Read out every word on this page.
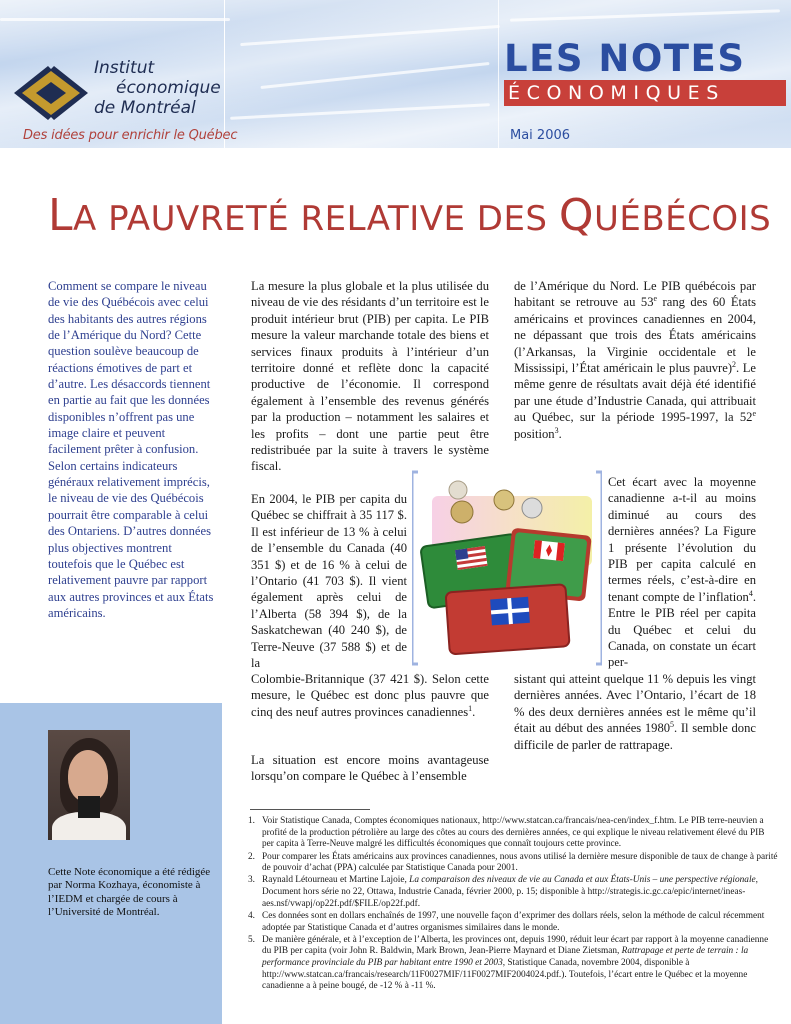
Institut
économique
de Montréal
Des idées pour enrichir le Québec
LES NOTES
ÉCONOMIQUES
Mai 2006
LA PAUVRETÉ RELATIVE DES QUÉBÉCOIS
Comment se compare le niveau de vie des Québécois avec celui des habitants des autres régions de l’Amérique du Nord? Cette question soulève beaucoup de réactions émotives de part et d’autre. Les désaccords tiennent en partie au fait que les données disponibles n’offrent pas une image claire et peuvent facilement prêter à confusion. Selon certains indicateurs généraux relativement imprécis, le niveau de vie des Québécois pourrait être comparable à celui des Ontariens. D’autres données plus objectives montrent toutefois que le Québec est relativement pauvre par rapport aux autres provinces et aux États américains.
Cette Note économique a été rédigée par Norma Kozhaya, économiste à l’IEDM et chargée de cours à l’Université de Montréal.
La mesure la plus globale et la plus utilisée du niveau de vie des résidants d’un territoire est le produit intérieur brut (PIB) per capita. Le PIB mesure la valeur marchande totale des biens et services finaux produits à l’intérieur d’un territoire donné et reflète donc la capacité productive de l’économie. Il correspond également à l’ensemble des revenus générés par la production – notamment les salaires et les profits – dont une partie peut être redistribuée par la suite à travers le système fiscal.
En 2004, le PIB per capita du Québec se chiffrait à 35 117 $. Il est inférieur de 13 % à celui de l’ensemble du Canada (40 351 $) et de 16 % à celui de l’Ontario (41 703 $). Il vient également après celui de l’Alberta (58 394 $), de la Saskatchewan (40 240 $), de Terre-Neuve (37 588 $) et de la
Colombie-Britannique (37 421 $). Selon cette mesure, le Québec est donc plus pauvre que cinq des neuf autres provinces canadiennes$^1$.
La situation est encore moins avantageuse lorsqu’on compare le Québec à l’ensemble
de l’Amérique du Nord. Le PIB québécois par habitant se retrouve au 53e rang des 60 États américains et provinces canadiennes en 2004, ne dépassant que trois des États américains (l’Arkansas, la Virginie occidentale et le Mississipi, l’État américain le plus pauvre)$^2$. Le même genre de résultats avait déjà été identifié par une étude d’Industrie Canada, qui attribuait au Québec, sur la période 1995-1997, la 52e position$^3$.
Cet écart avec la moyenne canadienne a-t-il au moins diminué au cours des dernières années? La Figure 1 présente l’évolution du PIB per capita calculé en termes réels, c’est-à-dire en tenant compte de l’inflation$^4$. Entre le PIB réel per capita du Québec et celui du Canada, on constate un écart per-
sistant qui atteint quelque 11 % depuis les vingt dernières années. Avec l’Ontario, l’écart de 18 % des deux dernières années est le même qu’il était au début des années 1980$^5$. Il semble donc difficile de parler de rattrapage.
1. Voir Statistique Canada, Comptes économiques nationaux, http://www.statcan.ca/francais/nea-cen/index_f.htm. Le PIB terre-neuvien a profité de la production pétrolière au large des côtes au cours des dernières années, ce qui explique le niveau relativement élevé du PIB per capita à Terre-Neuve malgré les difficultés économiques que connaît toujours cette province.
2. Pour comparer les États américains aux provinces canadiennes, nous avons utilisé la dernière mesure disponible de taux de change à parité de pouvoir d’achat (PPA) calculée par Statistique Canada pour 2001.
3. Raynald Létourneau et Martine Lajoie, La comparaison des niveaux de vie au Canada et aux États-Unis – une perspective régionale, Document hors série no 22, Ottawa, Industrie Canada, février 2000, p. 15; disponible à http://strategis.ic.gc.ca/epic/internet/ineas-aes.nsf/vwapj/op22f.pdf/$FILE/op22f.pdf.
4. Ces données sont en dollars enchaînés de 1997, une nouvelle façon d’exprimer des dollars réels, selon la méthode de calcul récemment adoptée par Statistique Canada et d’autres organismes similaires dans le monde.
5. De manière générale, et à l’exception de l’Alberta, les provinces ont, depuis 1990, réduit leur écart par rapport à la moyenne canadienne du PIB per capita (voir John R. Baldwin, Mark Brown, Jean-Pierre Maynard et Diane Zietsman, Rattrapage et perte de terrain : la performance provinciale du PIB par habitant entre 1990 et 2003, Statistique Canada, novembre 2004, disponible à http://www.statcan.ca/francais/research/11F0027MIF/11F0027MIF2004024.pdf.). Toutefois, l’écart entre le Québec et la moyenne canadienne a à peine bougé, de -12 % à -11 %.
